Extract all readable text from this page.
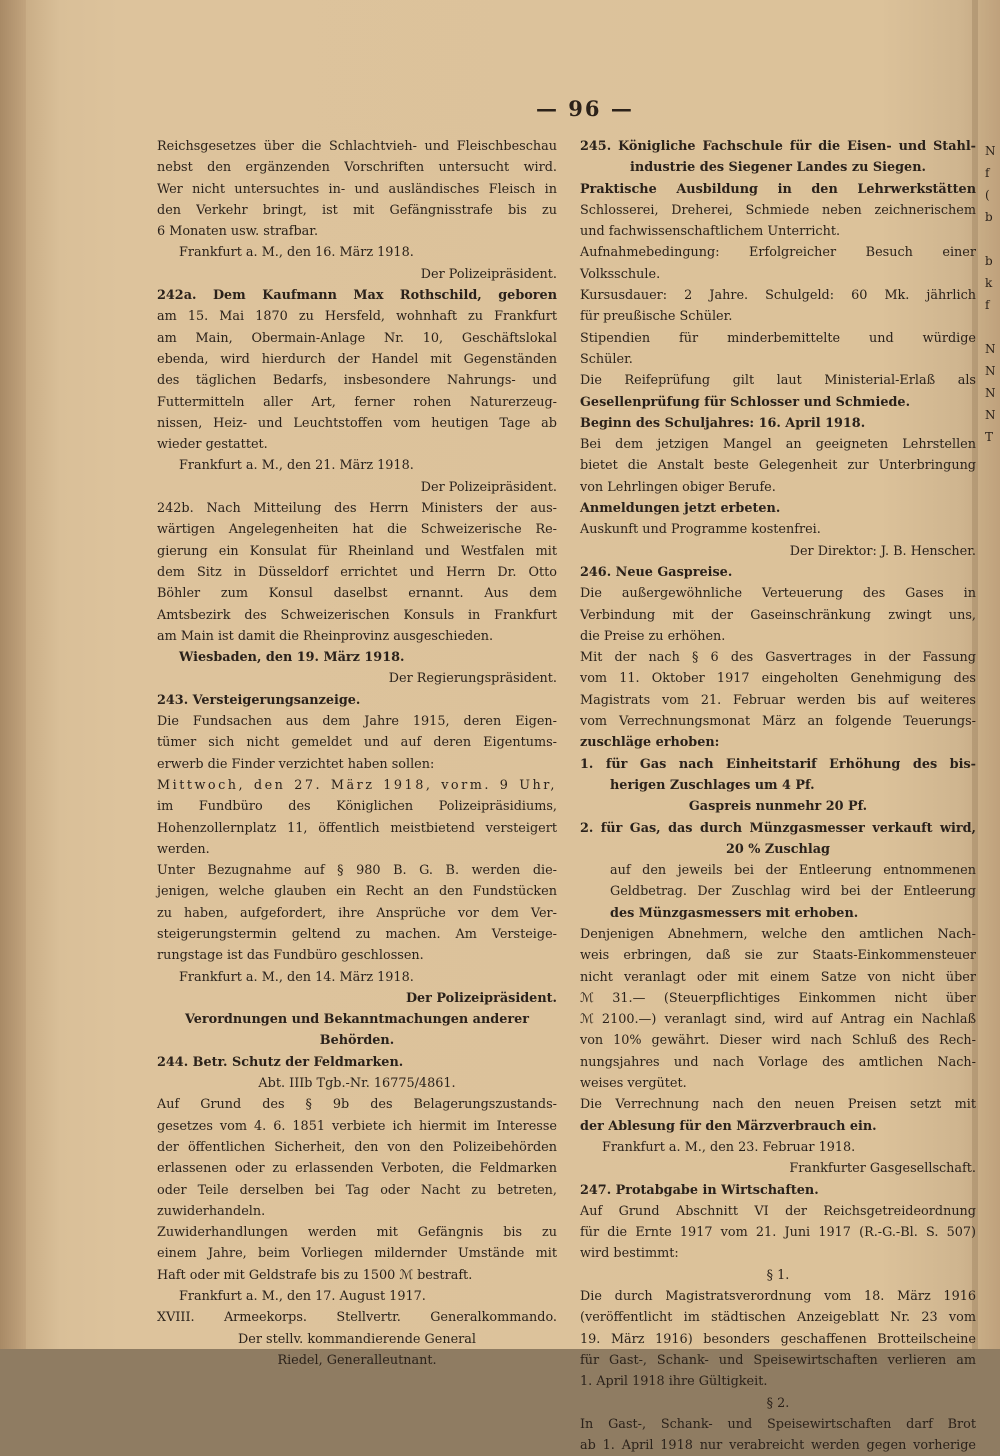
— 96 —
Reichsgesetzes über die Schlachtvieh- und Fleischbeschau
nebst den ergänzenden Vorschriften untersucht wird.
Wer nicht untersuchtes in- und ausländisches Fleisch in
den Verkehr bringt, ist mit Gefängnisstrafe bis zu
6 Monaten usw. strafbar.
Frankfurt a. M., den 16. März 1918.
Der Polizeipräsident.
242a. Dem Kaufmann Max Rothschild, geboren
am 15. Mai 1870 zu Hersfeld, wohnhaft zu Frankfurt
am Main, Obermain-Anlage Nr. 10, Geschäftslokal
ebenda, wird hierdurch der Handel mit Gegenständen
des täglichen Bedarfs, insbesondere Nahrungs- und
Futtermitteln aller Art, ferner rohen Naturerzeug-
nissen, Heiz- und Leuchtstoffen vom heutigen Tage ab
wieder gestattet.
Frankfurt a. M., den 21. März 1918.
Der Polizeipräsident.
242b. Nach Mitteilung des Herrn Ministers der aus-
wärtigen Angelegenheiten hat die Schweizerische Re-
gierung ein Konsulat für Rheinland und Westfalen mit
dem Sitz in Düsseldorf errichtet und Herrn Dr. Otto
Böhler zum Konsul daselbst ernannt. Aus dem
Amtsbezirk des Schweizerischen Konsuls in Frankfurt
am Main ist damit die Rheinprovinz ausgeschieden.
Wiesbaden, den 19. März 1918.
Der Regierungspräsident.
243. Versteigerungsanzeige.
Die Fundsachen aus dem Jahre 1915, deren Eigen-
tümer sich nicht gemeldet und auf deren Eigentums-
erwerb die Finder verzichtet haben sollen:
Mittwoch, den 27. März 1918, vorm. 9 Uhr,
im Fundbüro des Königlichen Polizeipräsidiums,
Hohenzollernplatz 11, öffentlich meistbietend versteigert
werden.
Unter Bezugnahme auf § 980 B. G. B. werden die-
jenigen, welche glauben ein Recht an den Fundstücken
zu haben, aufgefordert, ihre Ansprüche vor dem Ver-
steigerungstermin geltend zu machen. Am Versteige-
rungstage ist das Fundbüro geschlossen.
Frankfurt a. M., den 14. März 1918.
Der Polizeipräsident.
Verordnungen und Bekanntmachungen anderer
Behörden.
244. Betr. Schutz der Feldmarken.
Abt. IIIb Tgb.-Nr. 16775/4861.
Auf Grund des § 9b des Belagerungszustands-
gesetzes vom 4. 6. 1851 verbiete ich hiermit im Interesse
der öffentlichen Sicherheit, den von den Polizeibehörden
erlassenen oder zu erlassenden Verboten, die Feldmarken
oder Teile derselben bei Tag oder Nacht zu betreten,
zuwiderhandeln.
Zuwiderhandlungen werden mit Gefängnis bis zu
einem Jahre, beim Vorliegen mildernder Umstände mit
Haft oder mit Geldstrafe bis zu 1500 ℳ bestraft.
Frankfurt a. M., den 17. August 1917.
XVIII. Armeekorps. Stellvertr. Generalkommando.
Der stellv. kommandierende General
Riedel, Generalleutnant.
245. Königliche Fachschule für die Eisen- und Stahl-
industrie des Siegener Landes zu Siegen.
Praktische Ausbildung in den Lehrwerkstätten
Schlosserei, Dreherei, Schmiede neben zeichnerischem
und fachwissenschaftlichem Unterricht.
Aufnahmebedingung: Erfolgreicher Besuch einer
Volksschule.
Kursusdauer: 2 Jahre. Schulgeld: 60 Mk. jährlich
für preußische Schüler.
Stipendien für minderbemittelte und würdige
Schüler.
Die Reifeprüfung gilt laut Ministerial-Erlaß als
Gesellenprüfung für Schlosser und Schmiede.
Beginn des Schuljahres: 16. April 1918.
Bei dem jetzigen Mangel an geeigneten Lehrstellen
bietet die Anstalt beste Gelegenheit zur Unterbringung
von Lehrlingen obiger Berufe.
Anmeldungen jetzt erbeten.
Auskunft und Programme kostenfrei.
Der Direktor: J. B. Henscher.
246. Neue Gaspreise.
Die außergewöhnliche Verteuerung des Gases in
Verbindung mit der Gaseinschränkung zwingt uns,
die Preise zu erhöhen.
Mit der nach § 6 des Gasvertrages in der Fassung
vom 11. Oktober 1917 eingeholten Genehmigung des
Magistrats vom 21. Februar werden bis auf weiteres
vom Verrechnungsmonat März an folgende Teuerungs-
zuschläge erhoben:
1. für Gas nach Einheitstarif Erhöhung des bis-
herigen Zuschlages um 4 Pf.
Gaspreis nunmehr 20 Pf.
2. für Gas, das durch Münzgasmesser verkauft wird,
20 % Zuschlag
auf den jeweils bei der Entleerung entnommenen
Geldbetrag. Der Zuschlag wird bei der Entleerung
des Münzgasmessers mit erhoben.
Denjenigen Abnehmern, welche den amtlichen Nach-
weis erbringen, daß sie zur Staats-Einkommensteuer
nicht veranlagt oder mit einem Satze von nicht über
ℳ 31.— (Steuerpflichtiges Einkommen nicht über
ℳ 2100.—) veranlagt sind, wird auf Antrag ein Nachlaß
von 10% gewährt. Dieser wird nach Schluß des Rech-
nungsjahres und nach Vorlage des amtlichen Nach-
weises vergütet.
Die Verrechnung nach den neuen Preisen setzt mit
der Ablesung für den Märzverbrauch ein.
Frankfurt a. M., den 23. Februar 1918.
Frankfurter Gasgesellschaft.
247. Protabgabe in Wirtschaften.
Auf Grund Abschnitt VI der Reichsgetreideordnung
für die Ernte 1917 vom 21. Juni 1917 (R.-G.-Bl. S. 507)
wird bestimmt:
§ 1.
Die durch Magistratsverordnung vom 18. März 1916
(veröffentlicht im städtischen Anzeigeblatt Nr. 23 vom
19. März 1916) besonders geschaffenen Brotteilscheine
für Gast-, Schank- und Speisewirtschaften verlieren am
1. April 1918 ihre Gültigkeit.
§ 2.
In Gast-, Schank- und Speisewirtschaften darf Brot
ab 1. April 1918 nur verabreicht werden gegen vorherige
N
f
(
b

b
k
f

N
N
N
N
T
